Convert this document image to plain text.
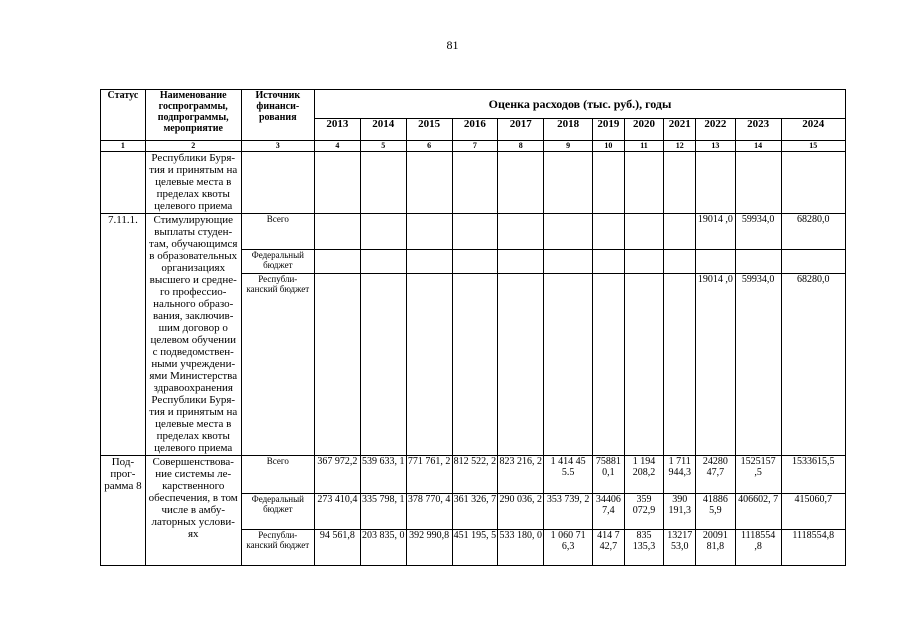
81
Статус	Наименование госпрограммы, подпрограммы, мероприятие	Источник финанси- рования	Оценка расходов (тыс. руб.), годы											
			2013	2014	2015	2016	2017	2018	2019	2020	2021	2022	2023	2024
1	2	3	4	5	6	7	8	9	10	11	12	13	14	15
	Республики Буря- тия и принятым на целевые места в пределах квоты целевого приема													
7.11.1.	Стимулирующие выплаты студен- там, обучающимся в образовательных организациях высшего и средне- го профессио- нального образо- вания, заключив- шим договор о целевом обучении с подведомствен- ными учреждени- ями Министерства здравоохранения Республики Буря- тия и принятым на целевые места в пределах квоты целевого приема	Всего										19014 ,0	59934,0	68280,0
		Федеральный бюджет												
		Республи- канский бюджет										19014 ,0	59934,0	68280,0
Под- прог- рамма 8	Совершенствова- ние системы ле- карственного обеспечения, в том числе в амбу- латорных услови- ях	Всего	367 972,2	539 633, 1	771 761, 2	812 522, 2	823 216, 2	1 414 45 5.5	75881 0,1	1 194 208,2	1 711 944,3	24280 47,7	1525157 ,5	1533615,5
		Федеральный бюджет	273 410,4	335 798, 1	378 770, 4	361 326, 7	290 036, 2	353 739, 2	34406 7,4	359 072,9	390 191,3	41886 5,9	406602, 7	415060,7
		Республи- канский бюджет	94 561,8	203 835, 0	392 990,8	451 195, 5	533 180, 0	1 060 71 6,3	414 7 42,7	835 135,3	13217 53,0	20091 81,8	1118554 ,8	1118554,8
